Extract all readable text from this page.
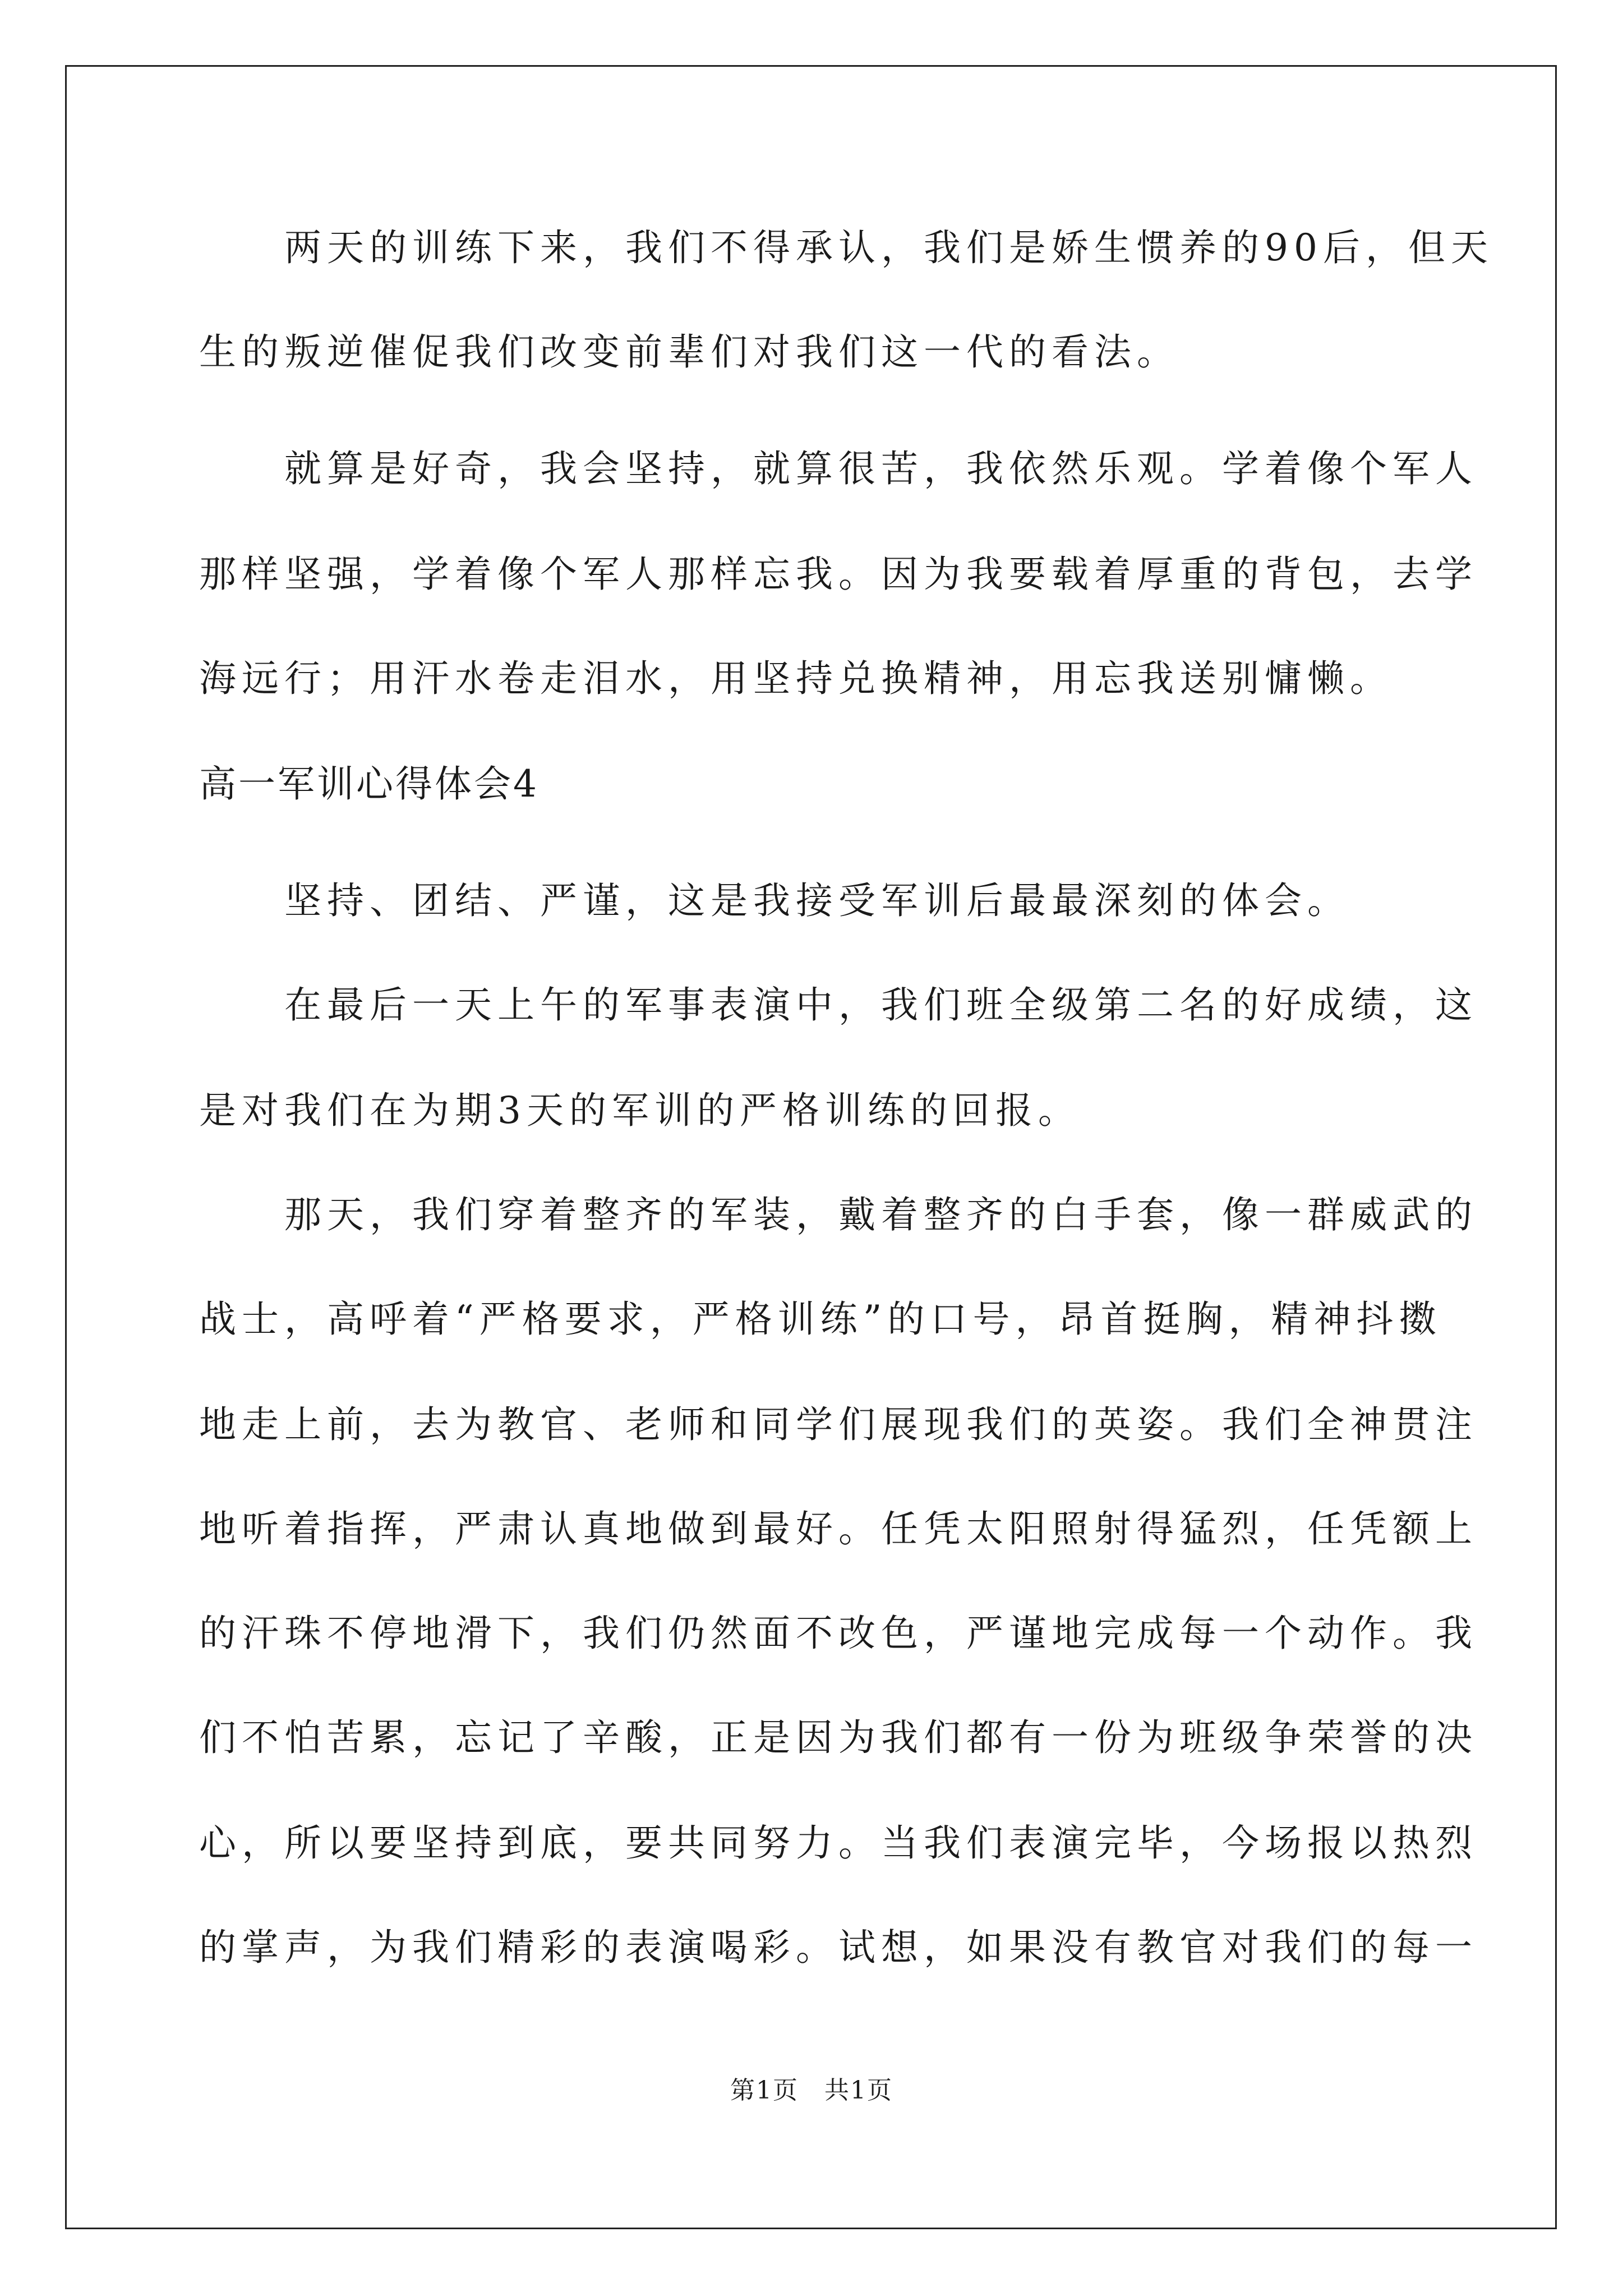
　　两天的训练下来，我们不得承认，我们是娇生惯养的90后，但天
生的叛逆催促我们改变前辈们对我们这一代的看法。
　　就算是好奇，我会坚持，就算很苦，我依然乐观。学着像个军人
那样坚强，学着像个军人那样忘我。因为我要载着厚重的背包，去学
海远行；用汗水卷走泪水，用坚持兑换精神，用忘我送别慵懒。
高一军训心得体会4
　　坚持、团结、严谨，这是我接受军训后最最深刻的体会。
　　在最后一天上午的军事表演中，我们班全级第二名的好成绩，这
是对我们在为期3天的军训的严格训练的回报。
　　那天，我们穿着整齐的军装，戴着整齐的白手套，像一群威武的
战士，高呼着“严格要求，严格训练”的口号，昂首挺胸，精神抖擞
地走上前，去为教官、老师和同学们展现我们的英姿。我们全神贯注
地听着指挥，严肃认真地做到最好。任凭太阳照射得猛烈，任凭额上
的汗珠不停地滑下，我们仍然面不改色，严谨地完成每一个动作。我
们不怕苦累，忘记了辛酸，正是因为我们都有一份为班级争荣誉的决
心，所以要坚持到底，要共同努力。当我们表演完毕，今场报以热烈
的掌声，为我们精彩的表演喝彩。试想，如果没有教官对我们的每一
第1页 共1页
